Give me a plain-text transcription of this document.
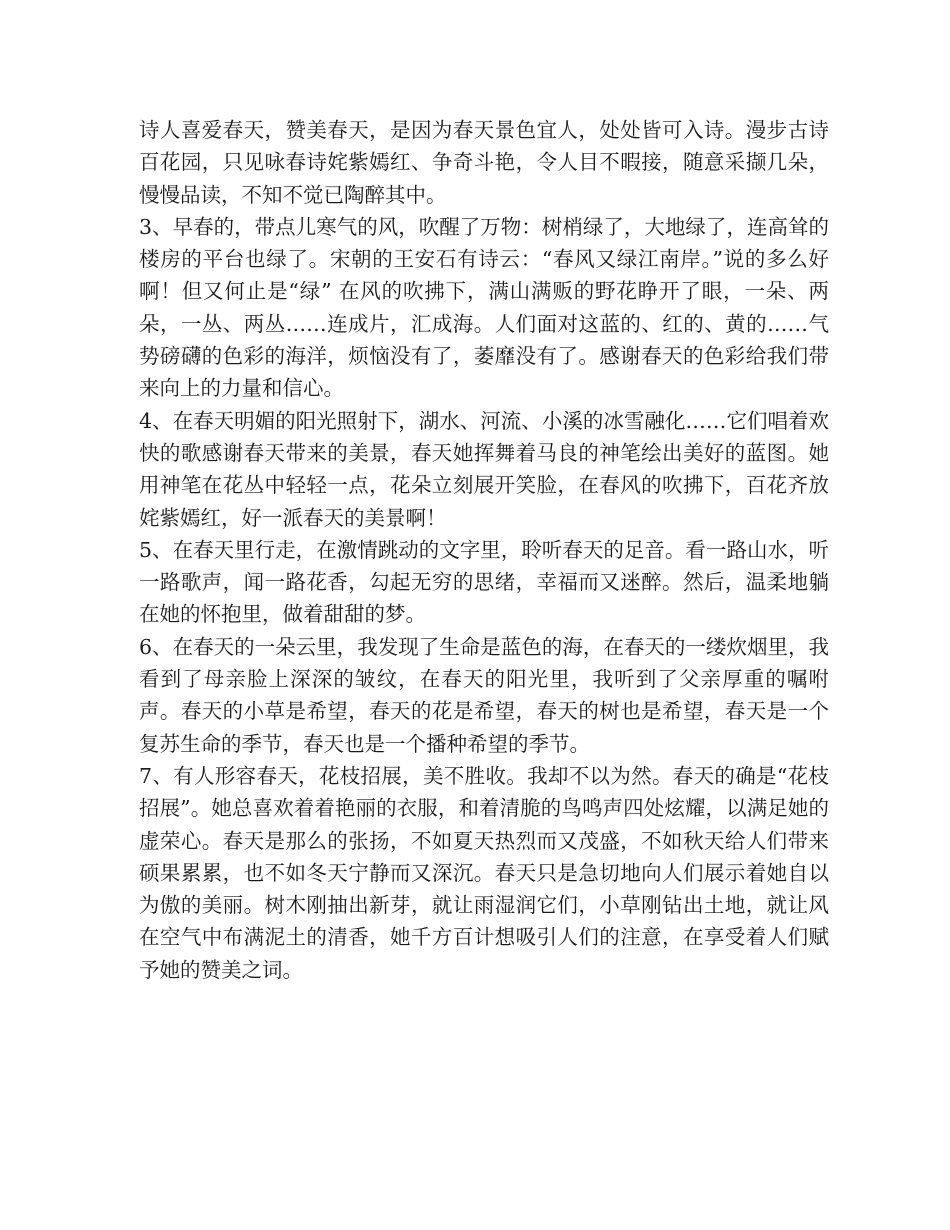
诗人喜爱春天，赞美春天，是因为春天景色宜人，处处皆可入诗。漫步古诗百花园，只见咏春诗姹紫嫣红、争奇斗艳，令人目不暇接，随意采撷几朵，慢慢品读，不知不觉已陶醉其中。

3、早春的，带点儿寒气的风，吹醒了万物：树梢绿了，大地绿了，连高耸的楼房的平台也绿了。宋朝的王安石有诗云：“春风又绿江南岸。”说的多么好啊！但又何止是“绿” 在风的吹拂下，满山满贩的野花睁开了眼，一朵、两朵，一丛、两丛……连成片，汇成海。人们面对这蓝的、红的、黄的……气势磅礴的色彩的海洋，烦恼没有了，萎靡没有了。感谢春天的色彩给我们带来向上的力量和信心。

4、在春天明媚的阳光照射下，湖水、河流、小溪的冰雪融化……它们唱着欢快的歌感谢春天带来的美景，春天她挥舞着马良的神笔绘出美好的蓝图。她用神笔在花丛中轻轻一点，花朵立刻展开笑脸，在春风的吹拂下，百花齐放姹紫嫣红，好一派春天的美景啊！

5、在春天里行走，在激情跳动的文字里，聆听春天的足音。看一路山水，听一路歌声，闻一路花香，勾起无穷的思绪，幸福而又迷醉。然后，温柔地躺在她的怀抱里，做着甜甜的梦。

6、在春天的一朵云里，我发现了生命是蓝色的海，在春天的一缕炊烟里，我看到了母亲脸上深深的皱纹，在春天的阳光里，我听到了父亲厚重的嘱咐声。春天的小草是希望，春天的花是希望，春天的树也是希望，春天是一个复苏生命的季节，春天也是一个播种希望的季节。

7、有人形容春天，花枝招展，美不胜收。我却不以为然。春天的确是“花枝招展”。她总喜欢着着艳丽的衣服，和着清脆的鸟鸣声四处炫耀，以满足她的虚荣心。春天是那么的张扬，不如夏天热烈而又茂盛，不如秋天给人们带来硕果累累，也不如冬天宁静而又深沉。春天只是急切地向人们展示着她自以为傲的美丽。树木刚抽出新芽，就让雨湿润它们，小草刚钻出土地，就让风在空气中布满泥土的清香，她千方百计想吸引人们的注意，在享受着人们赋予她的赞美之词。
